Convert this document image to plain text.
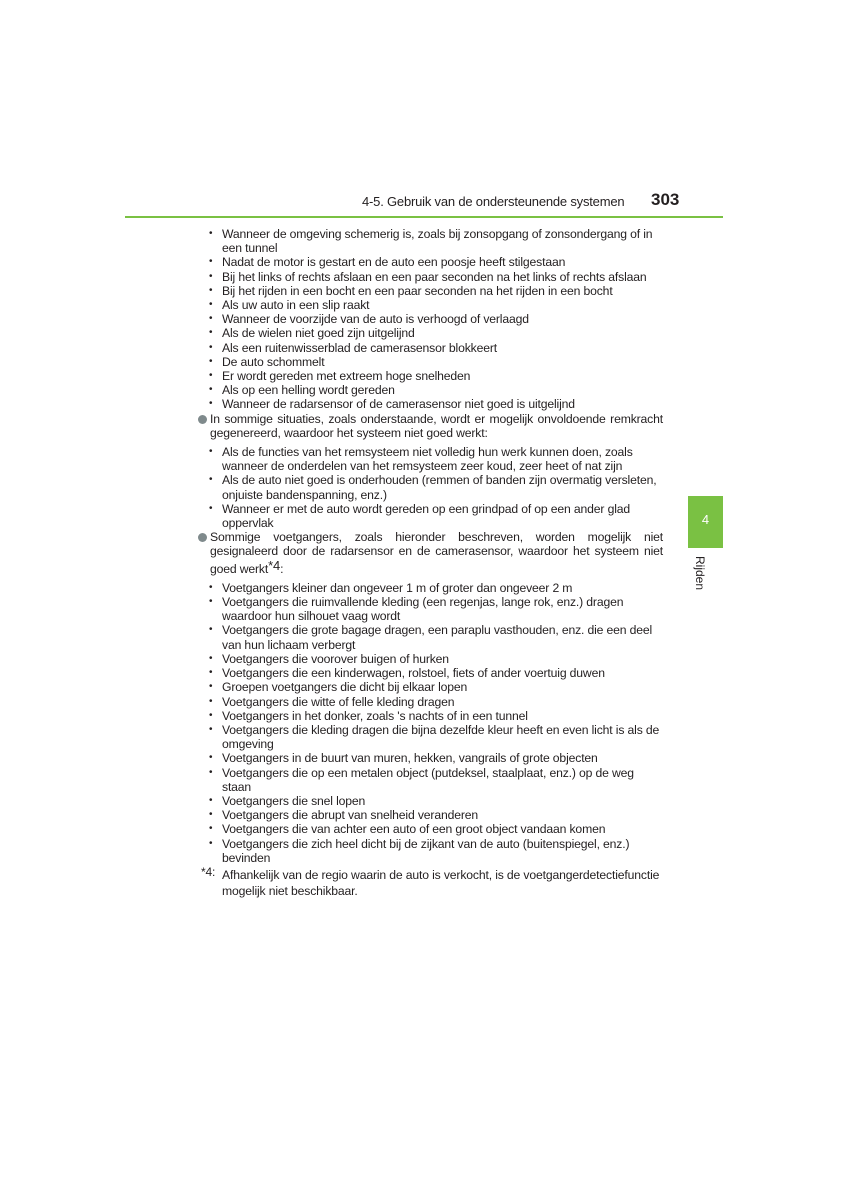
4-5. Gebruik van de ondersteunende systemen 303
4
Rijden
• Wanneer de omgeving schemerig is, zoals bij zonsopgang of zonsondergang of in een tunnel
• Nadat de motor is gestart en de auto een poosje heeft stilgestaan
• Bij het links of rechts afslaan en een paar seconden na het links of rechts afslaan
• Bij het rijden in een bocht en een paar seconden na het rijden in een bocht
• Als uw auto in een slip raakt
• Wanneer de voorzijde van de auto is verhoogd of verlaagd
• Als de wielen niet goed zijn uitgelijnd
• Als een ruitenwisserblad de camerasensor blokkeert
• De auto schommelt
• Er wordt gereden met extreem hoge snelheden
• Als op een helling wordt gereden
• Wanneer de radarsensor of de camerasensor niet goed is uitgelijnd
In sommige situaties, zoals onderstaande, wordt er mogelijk onvoldoende remkracht gegenereerd, waardoor het systeem niet goed werkt:
• Als de functies van het remsysteem niet volledig hun werk kunnen doen, zoals wanneer de onderdelen van het remsysteem zeer koud, zeer heet of nat zijn
• Als de auto niet goed is onderhouden (remmen of banden zijn overmatig versleten, onjuiste bandenspanning, enz.)
• Wanneer er met de auto wordt gereden op een grindpad of op een ander glad oppervlak
Sommige voetgangers, zoals hieronder beschreven, worden mogelijk niet gesignaleerd door de radarsensor en de camerasensor, waardoor het systeem niet goed werkt*4:
• Voetgangers kleiner dan ongeveer 1 m of groter dan ongeveer 2 m
• Voetgangers die ruimvallende kleding (een regenjas, lange rok, enz.) dragen waardoor hun silhouet vaag wordt
• Voetgangers die grote bagage dragen, een paraplu vasthouden, enz. die een deel van hun lichaam verbergt
• Voetgangers die voorover buigen of hurken
• Voetgangers die een kinderwagen, rolstoel, fiets of ander voertuig duwen
• Groepen voetgangers die dicht bij elkaar lopen
• Voetgangers die witte of felle kleding dragen
• Voetgangers in het donker, zoals 's nachts of in een tunnel
• Voetgangers die kleding dragen die bijna dezelfde kleur heeft en even licht is als de omgeving
• Voetgangers in de buurt van muren, hekken, vangrails of grote objecten
• Voetgangers die op een metalen object (putdeksel, staalplaat, enz.) op de weg staan
• Voetgangers die snel lopen
• Voetgangers die abrupt van snelheid veranderen
• Voetgangers die van achter een auto of een groot object vandaan komen
• Voetgangers die zich heel dicht bij de zijkant van de auto (buitenspiegel, enz.) bevinden
*4: Afhankelijk van de regio waarin de auto is verkocht, is de voetgangerdetectiefunctie mogelijk niet beschikbaar.
